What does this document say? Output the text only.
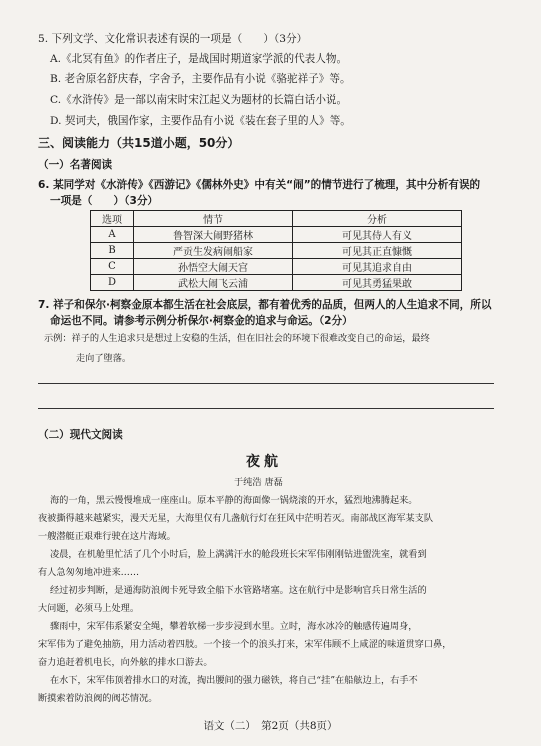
5. 下列文学、文化常识表述有误的一项是（　　）（3分）
A.《北冥有鱼》的作者庄子，是战国时期道家学派的代表人物。
B. 老舍原名舒庆春，字舍予，主要作品有小说《骆驼祥子》等。
C.《水浒传》是一部以南宋时宋江起义为题材的长篇白话小说。
D. 契诃夫，俄国作家，主要作品有小说《装在套子里的人》等。
三、阅读能力（共15道小题，50分）
（一）名著阅读
6. 某同学对《水浒传》《西游记》《儒林外史》中有关“闹”的情节进行了梳理，其中分析有误的
一项是（　　）（3分）
选项	情节	分析
A	鲁智深大闹野猪林	可见其侍人有义
B	严贡生发病闹船家	可见其正直慷慨
C	孙悟空大闹天宫	可见其追求自由
D	武松大闹飞云浦	可见其勇猛果敢
7. 祥子和保尔·柯察金原本都生活在社会底层，都有着优秀的品质，但两人的人生追求不同，所以
命运也不同。请参考示例分析保尔·柯察金的追求与命运。（2分）
示例：祥子的人生追求只是想过上安稳的生活，但在旧社会的环境下很难改变自己的命运，最终
走向了堕落。
（二）现代文阅读
夜航
于纯浩 唐磊
海的一角，黑云慢慢堆成一座座山。原本平静的海面像一锅烧滚的开水，猛烈地沸腾起来。
夜被撕得越来越紧实，漫天无星，大海里仅有几盏航行灯在狂风中茫明若灭。南部战区海军某支队
一艘潜艇正艰难行驶在这片海域。
凌晨，在机舱里忙活了几个小时后，脸上满满汗水的舱段班长宋军伟刚刚钻进盥洗室，就看到
有人急匆匆地冲进来……
经过初步判断，是通海防浪阀卡死导致全船下水管路堵塞。这在航行中是影响官兵日常生活的
大问题，必须马上处理。
骤雨中，宋军伟系紧安全绳，攀着软梯一步步浸到水里。立时，海水冰冷的触感传遍周身，
宋军伟为了避免抽筋，用力活动着四肢。一个接一个的浪头打来，宋军伟顾不上咸涩的味道贯穿口鼻，
奋力追赶着机电长，向外舷的排水口游去。
在水下，宋军伟顶着排水口的对流，掏出腰间的强力磁铁，将自己“挂”在船舷边上，右手不
断摸索着防浪阀的阀芯情况。
语文（二）　第2页（共8页）
